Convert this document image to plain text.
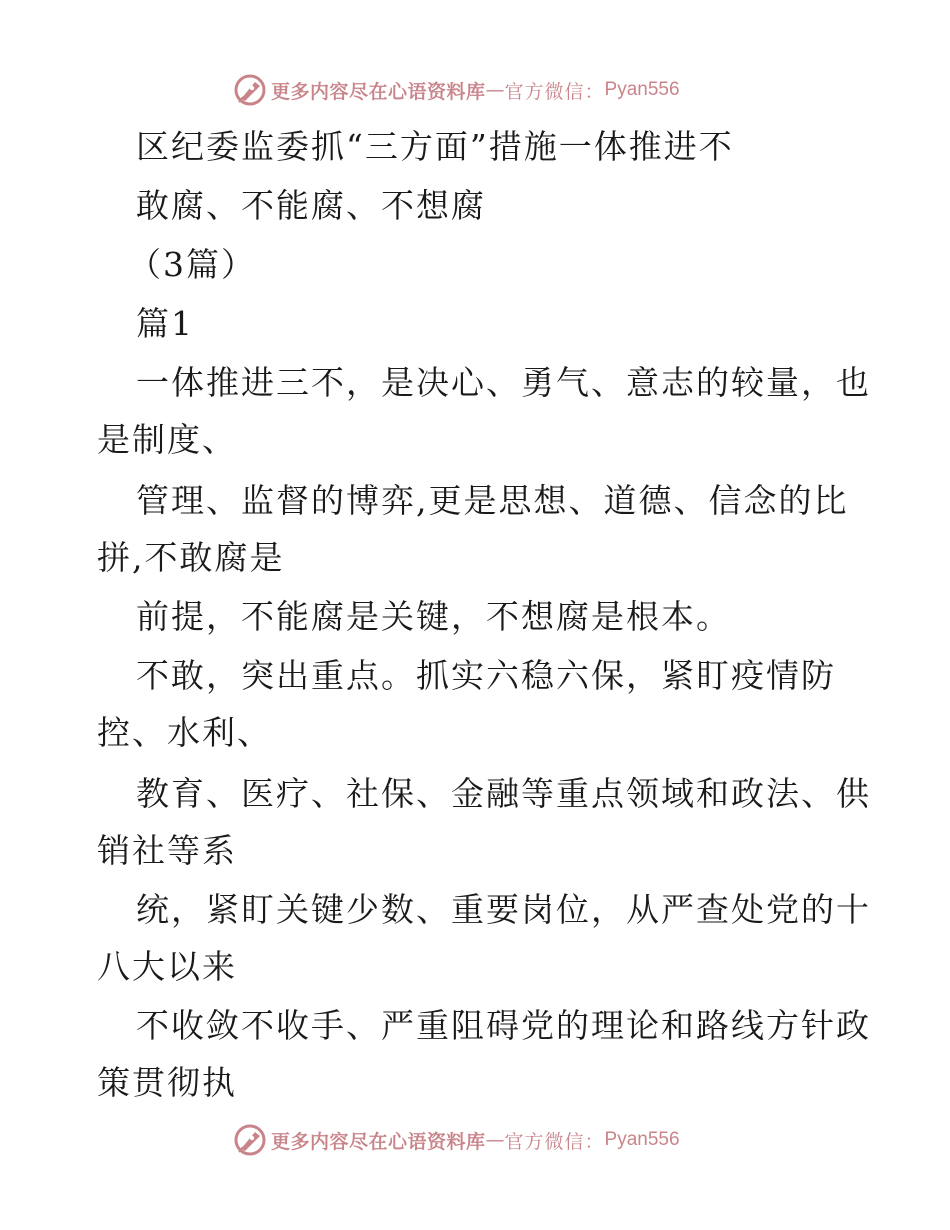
更多内容尽在心语资料库 — 官方微信： Pyan556
区纪委监委抓“三方面”措施一体推进不
敢腐、不能腐、不想腐
（3篇）
篇1
一体推进三不，是决心、勇气、意志的较量，也
是制度、
管理、监督的博弈,更是思想、道德、信念的比
拼,不敢腐是
前提，不能腐是关键，不想腐是根本。
不敢，突出重点。抓实六稳六保，紧盯疫情防
控、水利、
教育、医疗、社保、金融等重点领域和政法、供
销社等系
统，紧盯关键少数、重要岗位，从严查处党的十
八大以来
不收敛不收手、严重阻碍党的理论和路线方针政
策贯彻执
更多内容尽在心语资料库 — 官方微信： Pyan556
